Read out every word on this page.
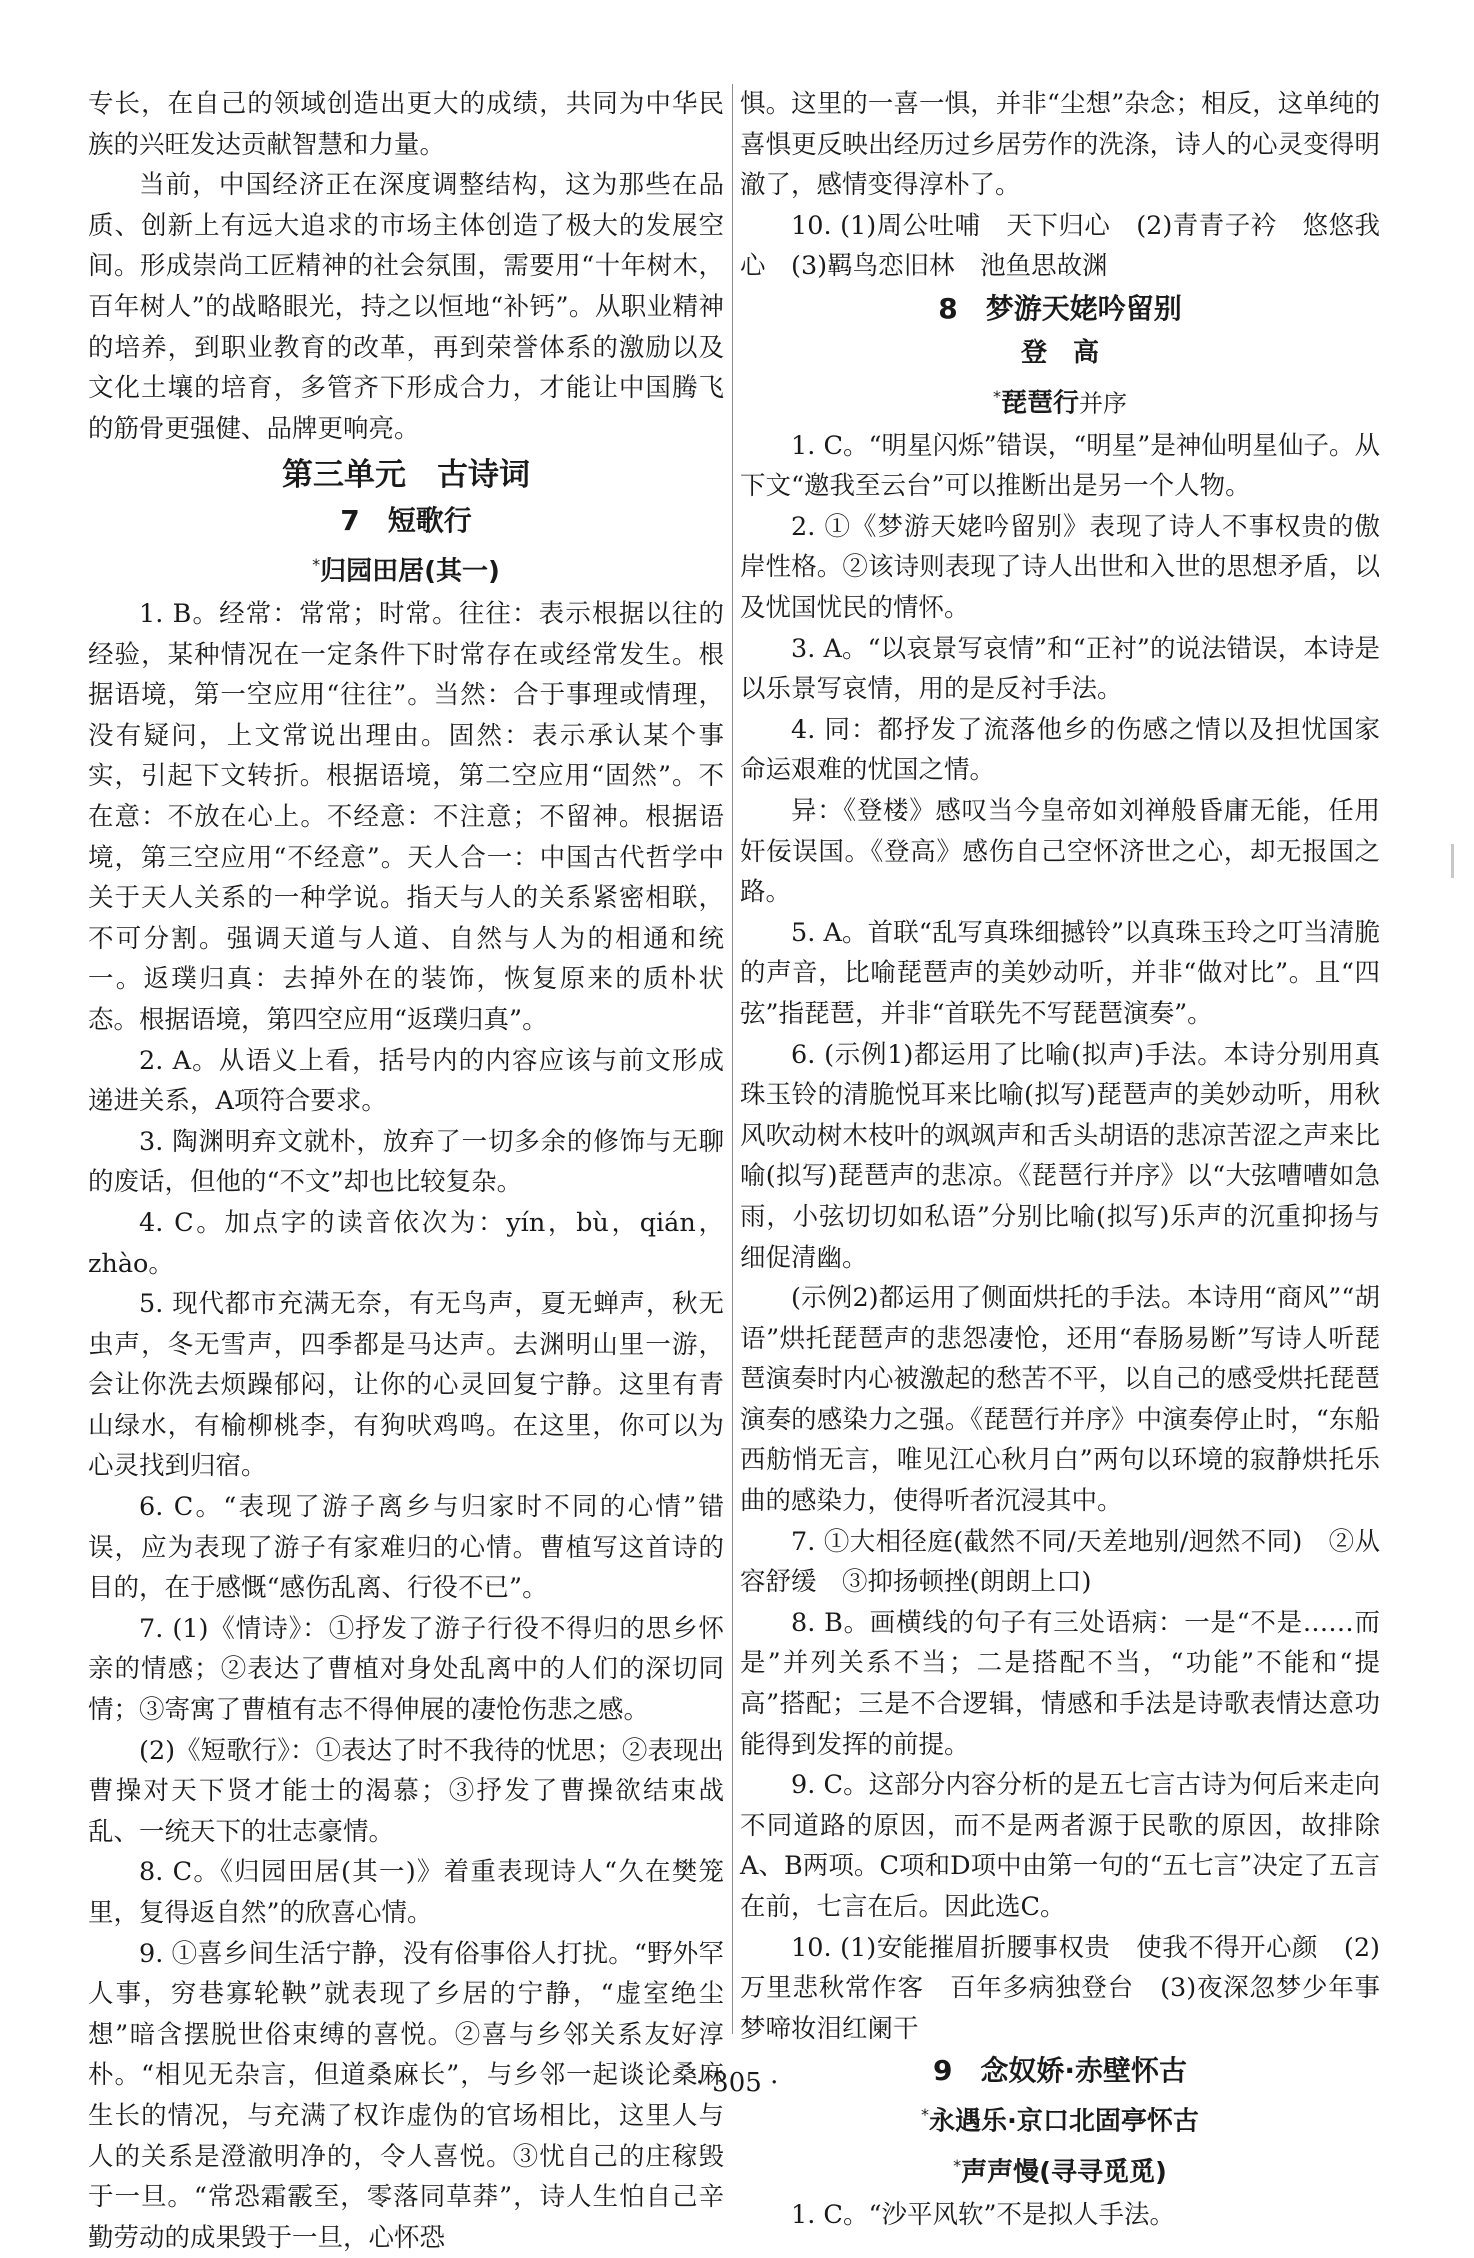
专长，在自己的领域创造出更大的成绩，共同为中华民族的兴旺发达贡献智慧和力量。

当前，中国经济正在深度调整结构，这为那些在品质、创新上有远大追求的市场主体创造了极大的发展空间。形成崇尚工匠精神的社会氛围，需要用“十年树木，百年树人”的战略眼光，持之以恒地“补钙”。从职业精神的培养，到职业教育的改革，再到荣誉体系的激励以及文化土壤的培育，多管齐下形成合力，才能让中国腾飞的筋骨更强健、品牌更响亮。

第三单元　古诗词
7　短歌行
*归园田居(其一)

1. B。经常：常常；时常。往往：表示根据以往的经验，某种情况在一定条件下时常存在或经常发生。根据语境，第一空应用“往往”。当然：合于事理或情理，没有疑问，上文常说出理由。固然：表示承认某个事实，引起下文转折。根据语境，第二空应用“固然”。不在意：不放在心上。不经意：不注意；不留神。根据语境，第三空应用“不经意”。天人合一：中国古代哲学中关于天人关系的一种学说。指天与人的关系紧密相联，不可分割。强调天道与人道、自然与人为的相通和统一。返璞归真：去掉外在的装饰，恢复原来的质朴状态。根据语境，第四空应用“返璞归真”。

2. A。从语义上看，括号内的内容应该与前文形成递进关系，A项符合要求。

3. 陶渊明弃文就朴，放弃了一切多余的修饰与无聊的废话，但他的“不文”却也比较复杂。

4. C。加点字的读音依次为：yín，bù，qián，zhào。

5. 现代都市充满无奈，有无鸟声，夏无蝉声，秋无虫声，冬无雪声，四季都是马达声。去渊明山里一游，会让你洗去烦躁郁闷，让你的心灵回复宁静。这里有青山绿水，有榆柳桃李，有狗吠鸡鸣。在这里，你可以为心灵找到归宿。

6. C。“表现了游子离乡与归家时不同的心情”错误，应为表现了游子有家难归的心情。曹植写这首诗的目的，在于感慨“感伤乱离、行役不已”。

7. (1)《情诗》：①抒发了游子行役不得归的思乡怀亲的情感；②表达了曹植对身处乱离中的人们的深切同情；③寄寓了曹植有志不得伸展的凄怆伤悲之感。

(2)《短歌行》：①表达了时不我待的忧思；②表现出曹操对天下贤才能士的渴慕；③抒发了曹操欲结束战乱、一统天下的壮志豪情。

8. C。《归园田居(其一)》着重表现诗人“久在樊笼里，复得返自然”的欣喜心情。

9. ①喜乡间生活宁静，没有俗事俗人打扰。“野外罕人事，穷巷寡轮鞅”就表现了乡居的宁静，“虚室绝尘想”暗含摆脱世俗束缚的喜悦。②喜与乡邻关系友好淳朴。“相见无杂言，但道桑麻长”，与乡邻一起谈论桑麻生长的情况，与充满了权诈虚伪的官场相比，这里人与人的关系是澄澈明净的，令人喜悦。③忧自己的庄稼毁于一旦。“常恐霜霰至，零落同草莽”，诗人生怕自己辛勤劳动的成果毁于一旦，心怀恐

惧。这里的一喜一惧，并非“尘想”杂念；相反，这单纯的喜惧更反映出经历过乡居劳作的洗涤，诗人的心灵变得明澈了，感情变得淳朴了。

10. (1)周公吐哺　天下归心　(2)青青子衿　悠悠我心　(3)羁鸟恋旧林　池鱼思故渊

8　梦游天姥吟留别
登　高
*琵琶行并序

1. C。“明星闪烁”错误，“明星”是神仙明星仙子。从下文“邀我至云台”可以推断出是另一个人物。

2. ①《梦游天姥吟留别》表现了诗人不事权贵的傲岸性格。②该诗则表现了诗人出世和入世的思想矛盾，以及忧国忧民的情怀。

3. A。“以哀景写哀情”和“正衬”的说法错误，本诗是以乐景写哀情，用的是反衬手法。

4. 同：都抒发了流落他乡的伤感之情以及担忧国家命运艰难的忧国之情。

异：《登楼》感叹当今皇帝如刘禅般昏庸无能，任用奸佞误国。《登高》感伤自己空怀济世之心，却无报国之路。

5. A。首联“乱写真珠细撼铃”以真珠玉玲之叮当清脆的声音，比喻琵琶声的美妙动听，并非“做对比”。且“四弦”指琵琶，并非“首联先不写琵琶演奏”。

6. (示例1)都运用了比喻(拟声)手法。本诗分别用真珠玉铃的清脆悦耳来比喻(拟写)琵琶声的美妙动听，用秋风吹动树木枝叶的飒飒声和舌头胡语的悲凉苦涩之声来比喻(拟写)琵琶声的悲凉。《琵琶行并序》以“大弦嘈嘈如急雨，小弦切切如私语”分别比喻(拟写)乐声的沉重抑扬与细促清幽。

(示例2)都运用了侧面烘托的手法。本诗用“商风”“胡语”烘托琵琶声的悲怨凄怆，还用“春肠易断”写诗人听琵琶演奏时内心被激起的愁苦不平，以自己的感受烘托琵琶演奏的感染力之强。《琵琶行并序》中演奏停止时，“东船西舫悄无言，唯见江心秋月白”两句以环境的寂静烘托乐曲的感染力，使得听者沉浸其中。

7. ①大相径庭(截然不同/天差地别/迥然不同)　②从容舒缓　③抑扬顿挫(朗朗上口)

8. B。画横线的句子有三处语病：一是“不是……而是”并列关系不当；二是搭配不当，“功能”不能和“提高”搭配；三是不合逻辑，情感和手法是诗歌表情达意功能得到发挥的前提。

9. C。这部分内容分析的是五七言古诗为何后来走向不同道路的原因，而不是两者源于民歌的原因，故排除A、B两项。C项和D项中由第一句的“五七言”决定了五言在前，七言在后。因此选C。

10. (1)安能摧眉折腰事权贵　使我不得开心颜　(2)万里悲秋常作客　百年多病独登台　(3)夜深忽梦少年事　梦啼妆泪红阑干

9　念奴娇·赤壁怀古
*永遇乐·京口北固亭怀古
*声声慢(寻寻觅觅)

1. C。“沙平风软”不是拟人手法。

· 305 ·
